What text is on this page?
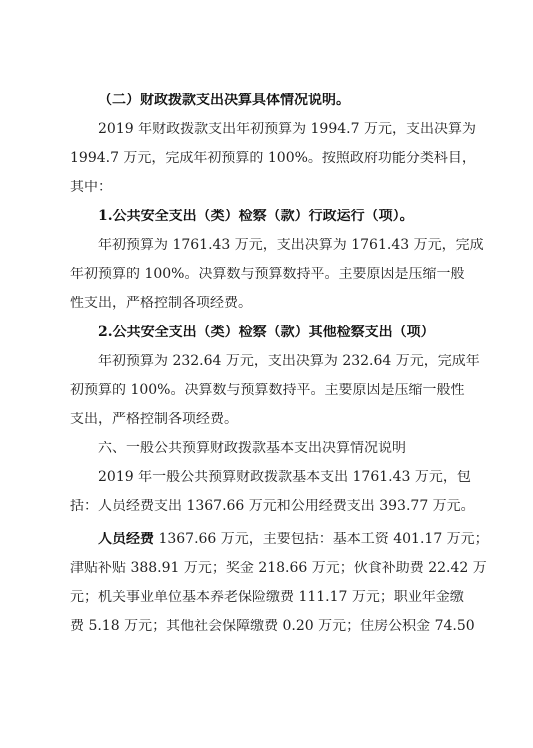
（二）财政拨款支出决算具体情况说明。
2019 年财政拨款支出年初预算为 1994.7 万元，支出决算为
1994.7 万元，完成年初预算的 100%。按照政府功能分类科目，
其中：
1.公共安全支出（类）检察（款）行政运行（项）。
年初预算为 1761.43 万元，支出决算为 1761.43 万元，完成
年初预算的 100%。决算数与预算数持平。主要原因是压缩一般
性支出，严格控制各项经费。
2.公共安全支出（类）检察（款）其他检察支出（项）
年初预算为 232.64 万元，支出决算为 232.64 万元，完成年
初预算的 100%。决算数与预算数持平。主要原因是压缩一般性
支出，严格控制各项经费。
六、一般公共预算财政拨款基本支出决算情况说明
2019 年一般公共预算财政拨款基本支出 1761.43 万元，包
括：人员经费支出 1367.66 万元和公用经费支出 393.77 万元。
人员经费 1367.66 万元，主要包括：基本工资 401.17 万元；
津贴补贴 388.91 万元；奖金 218.66 万元；伙食补助费 22.42 万
元；机关事业单位基本养老保险缴费 111.17 万元；职业年金缴
费 5.18 万元；其他社会保障缴费 0.20 万元；住房公积金 74.50
